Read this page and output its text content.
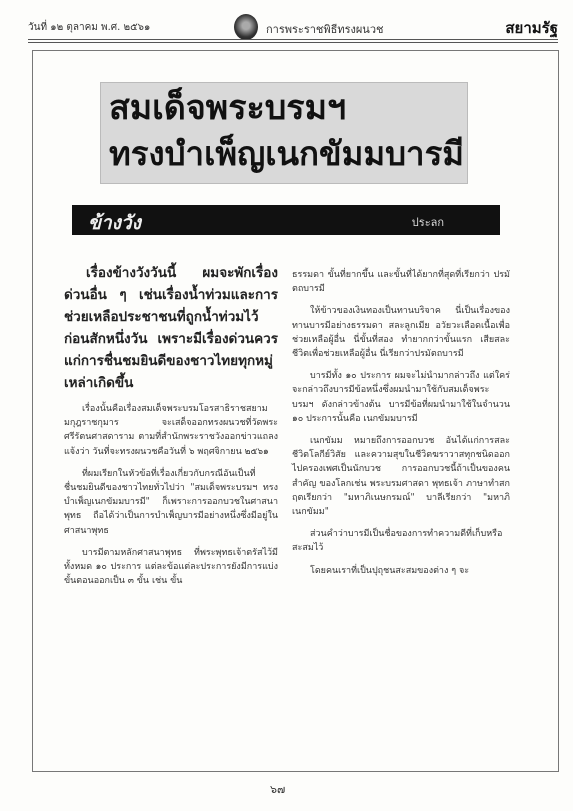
วันที่ ๑๒ ตุลาคม พ.ศ. ๒๕๖๑	การพระราชพิธีทรงผนวช	สยามรัฐ
สมเด็จพระบรมฯ
ทรงบำเพ็ญเนกขัมมบารมี
ข้างวัง	ประลก

เรื่องข้างวังวันนี้ ผมจะพักเรื่องด่วนอื่น ๆ เช่นเรื่องน้ำท่วมและการช่วยเหลือประชาชนที่ถูกน้ำท่วมไว้ก่อนสักหนึ่งวัน เพราะมีเรื่องด่วนควรแก่การชื่นชมยินดีของชาวไทยทุกหมู่เหล่าเกิดขึ้น

เรื่องนั้นคือเรื่องสมเด็จพระบรมโอรสาธิราชสยามมกุฎราชกุมาร จะเสด็จออกทรงผนวชที่วัดพระศรีรัตนศาสดาราม ตามที่สำนักพระราชวังออกข่าวแถลงแจ้งว่า วันที่จะทรงผนวชคือวันที่ ๖ พฤศจิกายน ๒๕๖๑

ที่ผมเรียกในหัวข้อที่เรื่องเกี่ยวกับกรณีอันเป็นที่ชื่นชมยินดีของชาวไทยทั่วไปว่า "สมเด็จพระบรมฯ ทรงบำเพ็ญเนกขัมมบารมี" ก็เพราะการออกบวชในศาสนาพุทธ ถือได้ว่าเป็นการบำเพ็ญบารมีอย่างหนึ่งซึ่งมีอยู่ในศาสนาพุทธ

บารมีตามหลักศาสนาพุทธ ที่พระพุทธเจ้าตรัสไว้มีทั้งหมด ๑๐ ประการ แต่ละข้อแต่ละประการยังมีการแบ่งขั้นตอนออกเป็น ๓ ขั้น เช่น ขั้น

ธรรมดา ขั้นที่ยากขึ้น และขั้นที่ได้ยากที่สุดที่เรียกว่า ปรมัตถบารมี

ให้ข้าวของเงินทองเป็นทานบริจาค นี่เป็นเรื่องของทานบารมีอย่างธรรมดา สละลูกเมีย อวัยวะเลือดเนื้อเพื่อช่วยเหลือผู้อื่น นี่ขั้นที่สอง ทำยากกว่าขั้นแรก เสียสละชีวิตเพื่อช่วยเหลือผู้อื่น นี่เรียกว่าปรมัตถบารมี

บารมีทั้ง ๑๐ ประการ ผมจะไม่นำมากล่าวถึง แต่ใคร่จะกล่าวถึงบารมีข้อหนึ่งซึ่งผมนำมาใช้กับสมเด็จพระบรมฯ ดังกล่าวข้างต้น บารมีข้อที่ผมนำมาใช้ในจำนวน ๑๐ ประการนั้นคือ เนกขัมมบารมี

เนกขัมม หมายถึงการออกบวช อันได้แก่การสละชีวิตโลกีย์วิสัย และความสุขในชีวิตฆราวาสทุกชนิดออกไปครองเพศเป็นนักบวช การออกบวชนี้ถ้าเป็นของคนสำคัญ ของโลกเช่น พระบรมศาสดา พุทธเจ้า ภาษาทำสกฤตเรียกว่า "มหาภิเนษกรมณ์" บาลีเรียกว่า "มหาภิเนกขัมม"

ส่วนคำว่าบารมีเป็นชื่อของการทำความดีที่เก็บหรือสะสมไว้

โดยคนเราที่เป็นปุถุชนสะสมของต่าง ๆ จะ

๖๗
